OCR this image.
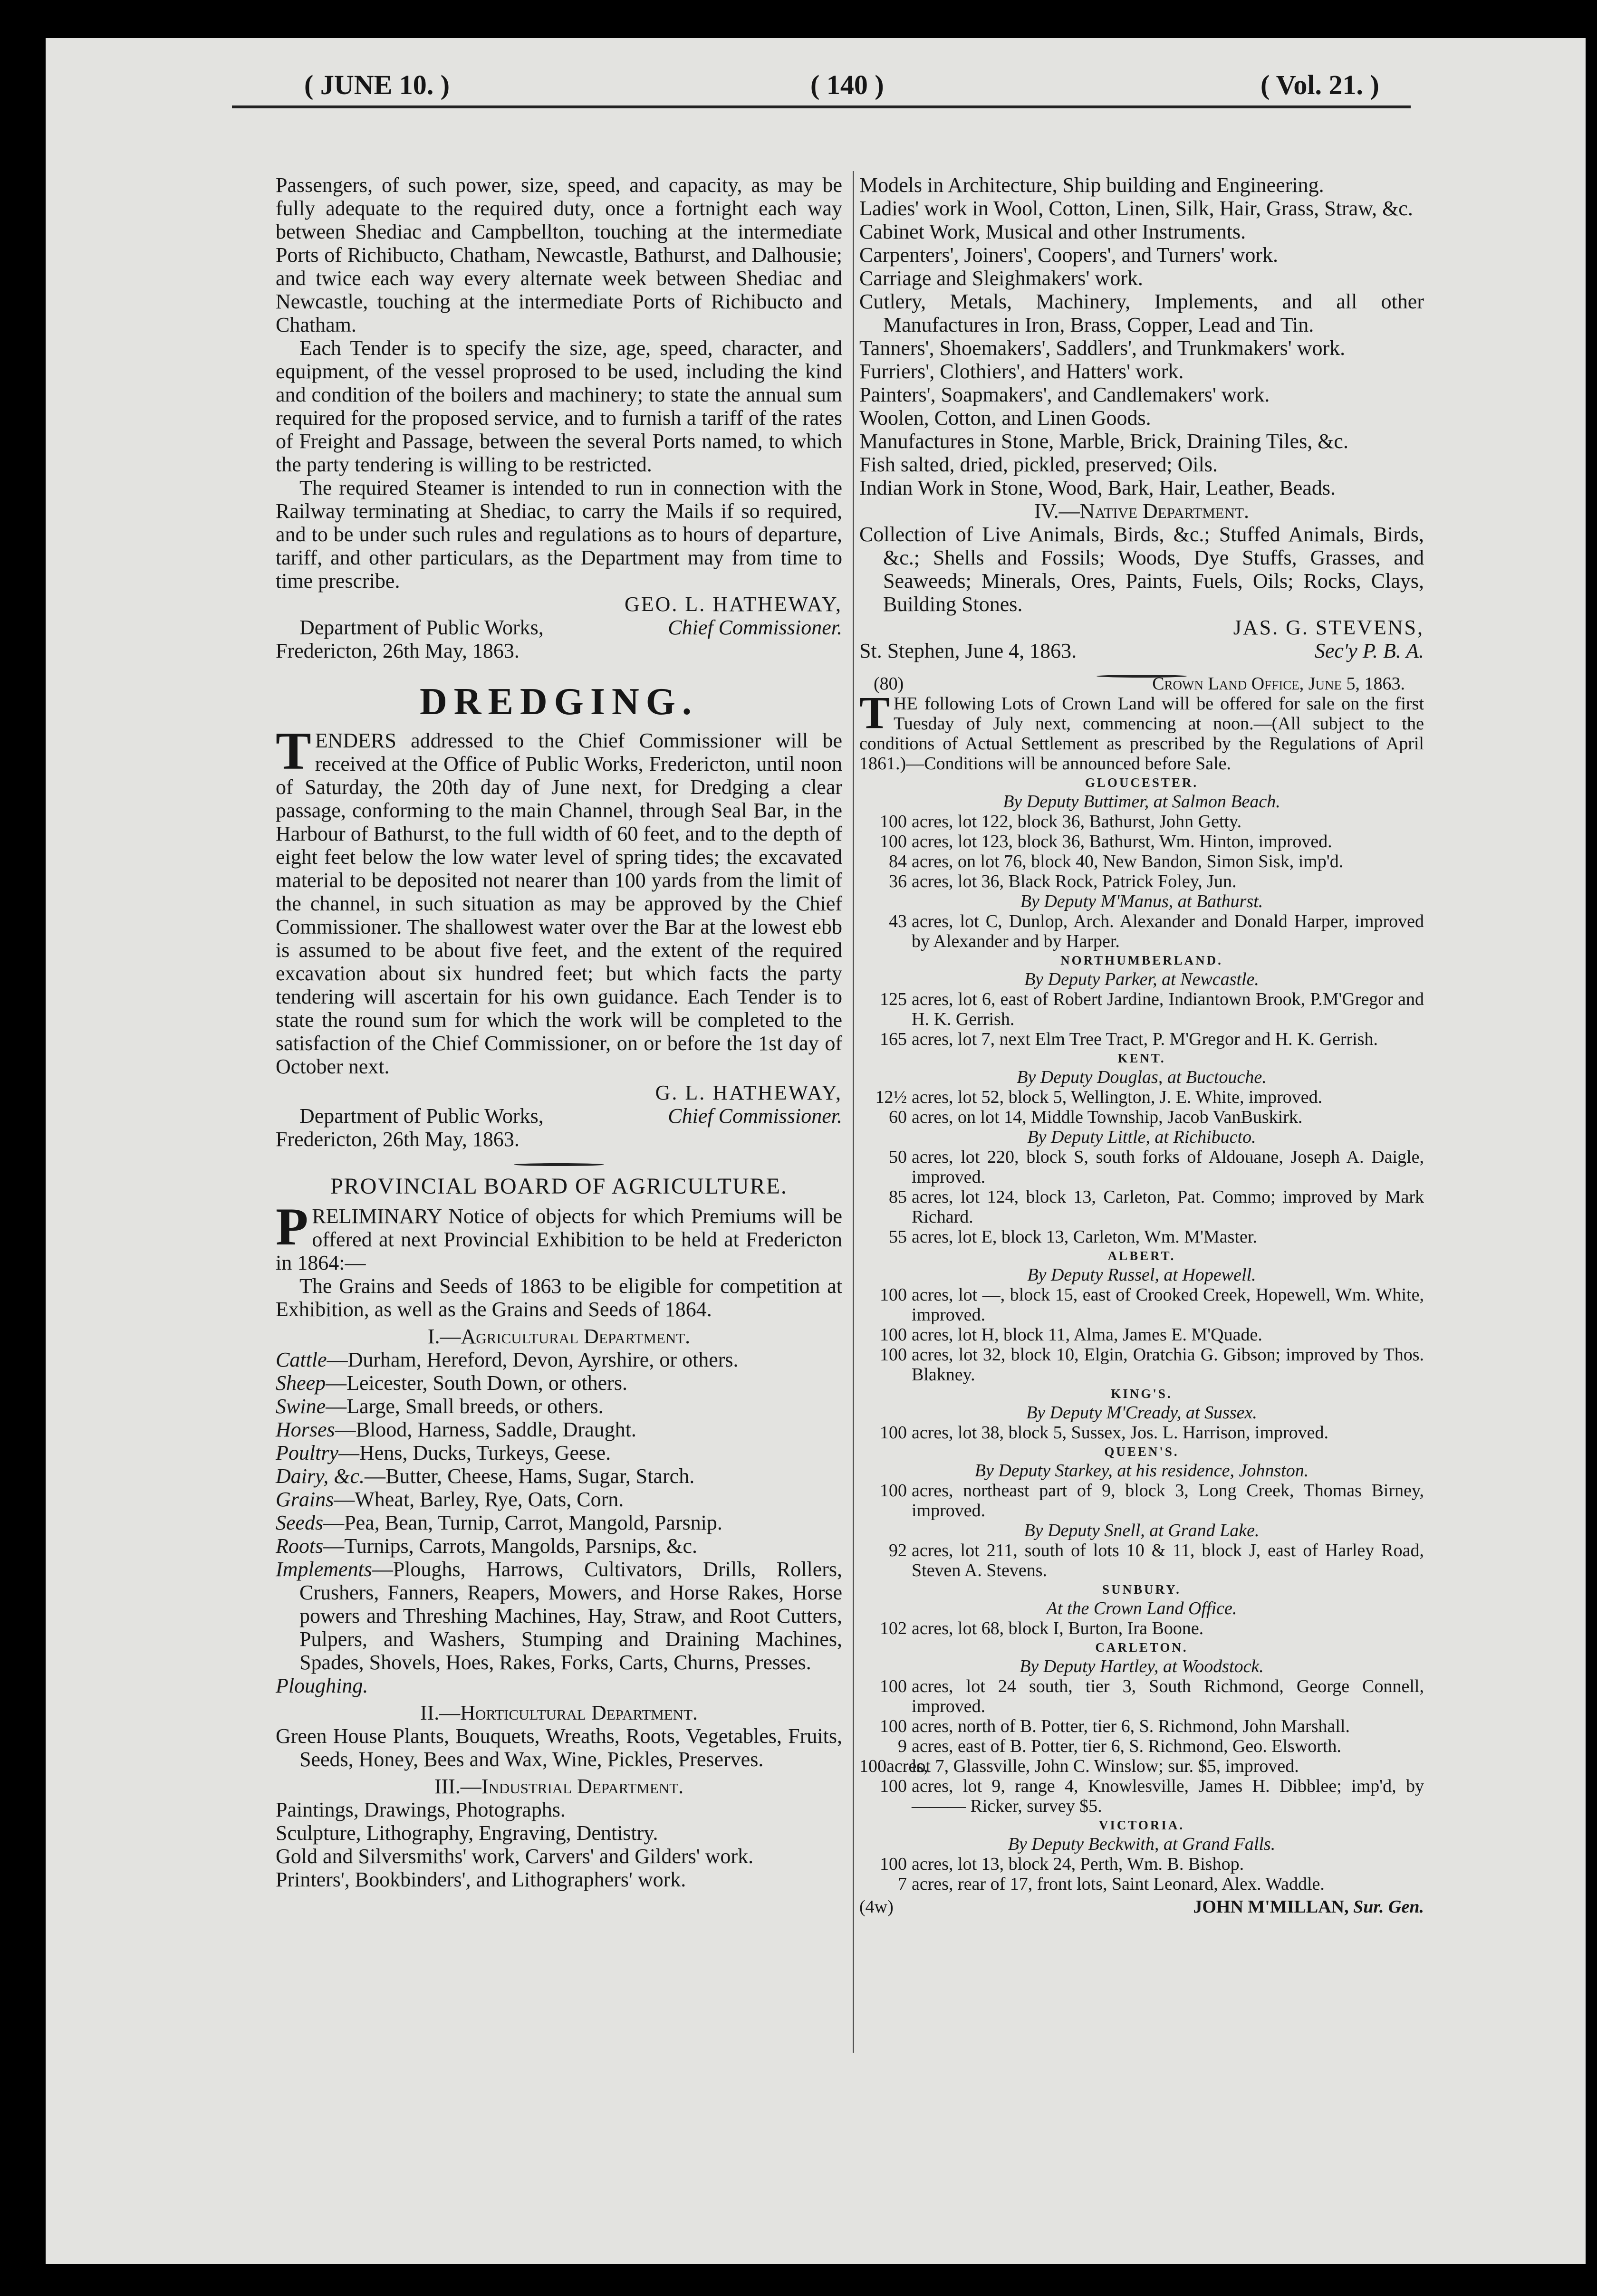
( JUNE 10. )	( 140 )	( Vol. 21. )

Passengers, of such power, size, speed, and capacity, as may be fully adequate to the required duty, once a fortnight each way between Shediac and Campbellton, touching at the intermediate Ports of Richibucto, Chatham, Newcastle, Bathurst, and Dalhousie; and twice each way every alternate week between Shediac and Newcastle, touching at the intermediate Ports of Richibucto and Chatham.

Each Tender is to specify the size, age, speed, character, and equipment, of the vessel proprosed to be used, including the kind and condition of the boilers and machinery; to state the annual sum required for the proposed service, and to furnish a tariff of the rates of Freight and Passage, between the several Ports named, to which the party tendering is willing to be restricted.

The required Steamer is intended to run in connection with the Railway terminating at Shediac, to carry the Mails if so required, and to be under such rules and regulations as to hours of departure, tariff, and other particulars, as the Department may from time to time prescribe.

GEO. L. HATHEWAY,

Department of Public Works,	Chief Commissioner.

Fredericton, 26th May, 1863.

DREDGING.

TENDERS addressed to the Chief Commissioner will be received at the Office of Public Works, Fredericton, until noon of Saturday, the 20th day of June next, for Dredging a clear passage, conforming to the main Channel, through Seal Bar, in the Harbour of Bathurst, to the full width of 60 feet, and to the depth of eight feet below the low water level of spring tides; the excavated material to be deposited not nearer than 100 yards from the limit of the channel, in such situation as may be approved by the Chief Commissioner. The shallowest water over the Bar at the lowest ebb is assumed to be about five feet, and the extent of the required excavation about six hundred feet; but which facts the party tendering will ascertain for his own guidance. Each Tender is to state the round sum for which the work will be completed to the satisfaction of the Chief Commissioner, on or before the 1st day of October next.

G. L. HATHEWAY,

Department of Public Works,	Chief Commissioner.

Fredericton, 26th May, 1863.

PROVINCIAL BOARD OF AGRICULTURE.

PRELIMINARY Notice of objects for which Premiums will be offered at next Provincial Exhibition to be held at Fredericton in 1864:—

The Grains and Seeds of 1863 to be eligible for competition at Exhibition, as well as the Grains and Seeds of 1864.

I.—Agricultural Department.

Cattle—Durham, Hereford, Devon, Ayrshire, or others.

Sheep—Leicester, South Down, or others.

Swine—Large, Small breeds, or others.

Horses—Blood, Harness, Saddle, Draught.

Poultry—Hens, Ducks, Turkeys, Geese.

Dairy, &c.—Butter, Cheese, Hams, Sugar, Starch.

Grains—Wheat, Barley, Rye, Oats, Corn.

Seeds—Pea, Bean, Turnip, Carrot, Mangold, Parsnip.

Roots—Turnips, Carrots, Mangolds, Parsnips, &c.

Implements—Ploughs, Harrows, Cultivators, Drills, Rollers, Crushers, Fanners, Reapers, Mowers, and Horse Rakes, Horse powers and Threshing Machines, Hay, Straw, and Root Cutters, Pulpers, and Washers, Stumping and Draining Machines, Spades, Shovels, Hoes, Rakes, Forks, Carts, Churns, Presses.

Ploughing.

II.—Horticultural Department.

Green House Plants, Bouquets, Wreaths, Roots, Vegetables, Fruits, Seeds, Honey, Bees and Wax, Wine, Pickles, Preserves.

III.—Industrial Department.

Paintings, Drawings, Photographs.

Sculpture, Lithography, Engraving, Dentistry.

Gold and Silversmiths' work, Carvers' and Gilders' work.

Printers', Bookbinders', and Lithographers' work.

Models in Architecture, Ship building and Engineering.

Ladies' work in Wool, Cotton, Linen, Silk, Hair, Grass, Straw, &c.

Cabinet Work, Musical and other Instruments.

Carpenters', Joiners', Coopers', and Turners' work.

Carriage and Sleighmakers' work.

Cutlery, Metals, Machinery, Implements, and all other Manufactures in Iron, Brass, Copper, Lead and Tin.

Tanners', Shoemakers', Saddlers', and Trunkmakers' work.

Furriers', Clothiers', and Hatters' work.

Painters', Soapmakers', and Candlemakers' work.

Woolen, Cotton, and Linen Goods.

Manufactures in Stone, Marble, Brick, Draining Tiles, &c.

Fish salted, dried, pickled, preserved; Oils.

Indian Work in Stone, Wood, Bark, Hair, Leather, Beads.

IV.—Native Department.

Collection of Live Animals, Birds, &c.; Stuffed Animals, Birds, &c.; Shells and Fossils; Woods, Dye Stuffs, Grasses, and Seaweeds; Minerals, Ores, Paints, Fuels, Oils; Rocks, Clays, Building Stones.

JAS. G. STEVENS,

St. Stephen, June 4, 1863.	Sec'y P. B. A.

(80)	Crown Land Office, June 5, 1863.

THE following Lots of Crown Land will be offered for sale on the first Tuesday of July next, commencing at noon.—(All subject to the conditions of Actual Settlement as prescribed by the Regulations of April 1861.)—Conditions will be announced before Sale.

GLOUCESTER.

By Deputy Buttimer, at Salmon Beach.

100 acres, lot 122, block 36, Bathurst, John Getty.

100 acres, lot 123, block 36, Bathurst, Wm. Hinton, improved.

84 acres, on lot 76, block 40, New Bandon, Simon Sisk, imp'd.

36 acres, lot 36, Black Rock, Patrick Foley, Jun.

By Deputy M'Manus, at Bathurst.

43 acres, lot C, Dunlop, Arch. Alexander and Donald Harper, improved by Alexander and by Harper.

NORTHUMBERLAND.

By Deputy Parker, at Newcastle.

125 acres, lot 6, east of Robert Jardine, Indiantown Brook, P.M'Gregor and H. K. Gerrish.

165 acres, lot 7, next Elm Tree Tract, P. M'Gregor and H. K. Gerrish.

KENT.

By Deputy Douglas, at Buctouche.

12½ acres, lot 52, block 5, Wellington, J. E. White, improved.

60 acres, on lot 14, Middle Township, Jacob VanBuskirk.

By Deputy Little, at Richibucto.

50 acres, lot 220, block S, south forks of Aldouane, Joseph A. Daigle, improved.

85 acres, lot 124, block 13, Carleton, Pat. Commo; improved by Mark Richard.

55 acres, lot E, block 13, Carleton, Wm. M'Master.

ALBERT.

By Deputy Russel, at Hopewell.

100 acres, lot —, block 15, east of Crooked Creek, Hopewell, Wm. White, improved.

100 acres, lot H, block 11, Alma, James E. M'Quade.

100 acres, lot 32, block 10, Elgin, Oratchia G. Gibson; improved by Thos. Blakney.

KING'S.

By Deputy M'Cready, at Sussex.

100 acres, lot 38, block 5, Sussex, Jos. L. Harrison, improved.

QUEEN'S.

By Deputy Starkey, at his residence, Johnston.

100 acres, northeast part of 9, block 3, Long Creek, Thomas Birney, improved.

By Deputy Snell, at Grand Lake.

92 acres, lot 211, south of lots 10 & 11, block J, east of Harley Road, Steven A. Stevens.

SUNBURY.

At the Crown Land Office.

102 acres, lot 68, block I, Burton, Ira Boone.

CARLETON.

By Deputy Hartley, at Woodstock.

100 acres, lot 24 south, tier 3, South Richmond, George Connell, improved.

100 acres, north of B. Potter, tier 6, S. Richmond, John Marshall.

9 acres, east of B. Potter, tier 6, S. Richmond, Geo. Elsworth.

100acres,lot 7, Glassville, John C. Winslow; sur. $5, improved.

100 acres, lot 9, range 4, Knowlesville, James H. Dibblee; imp'd, by ——— Ricker, survey $5.

VICTORIA.

By Deputy Beckwith, at Grand Falls.

100 acres, lot 13, block 24, Perth, Wm. B. Bishop.

7 acres, rear of 17, front lots, Saint Leonard, Alex. Waddle.

(4w)	JOHN M'MILLAN, Sur. Gen.
